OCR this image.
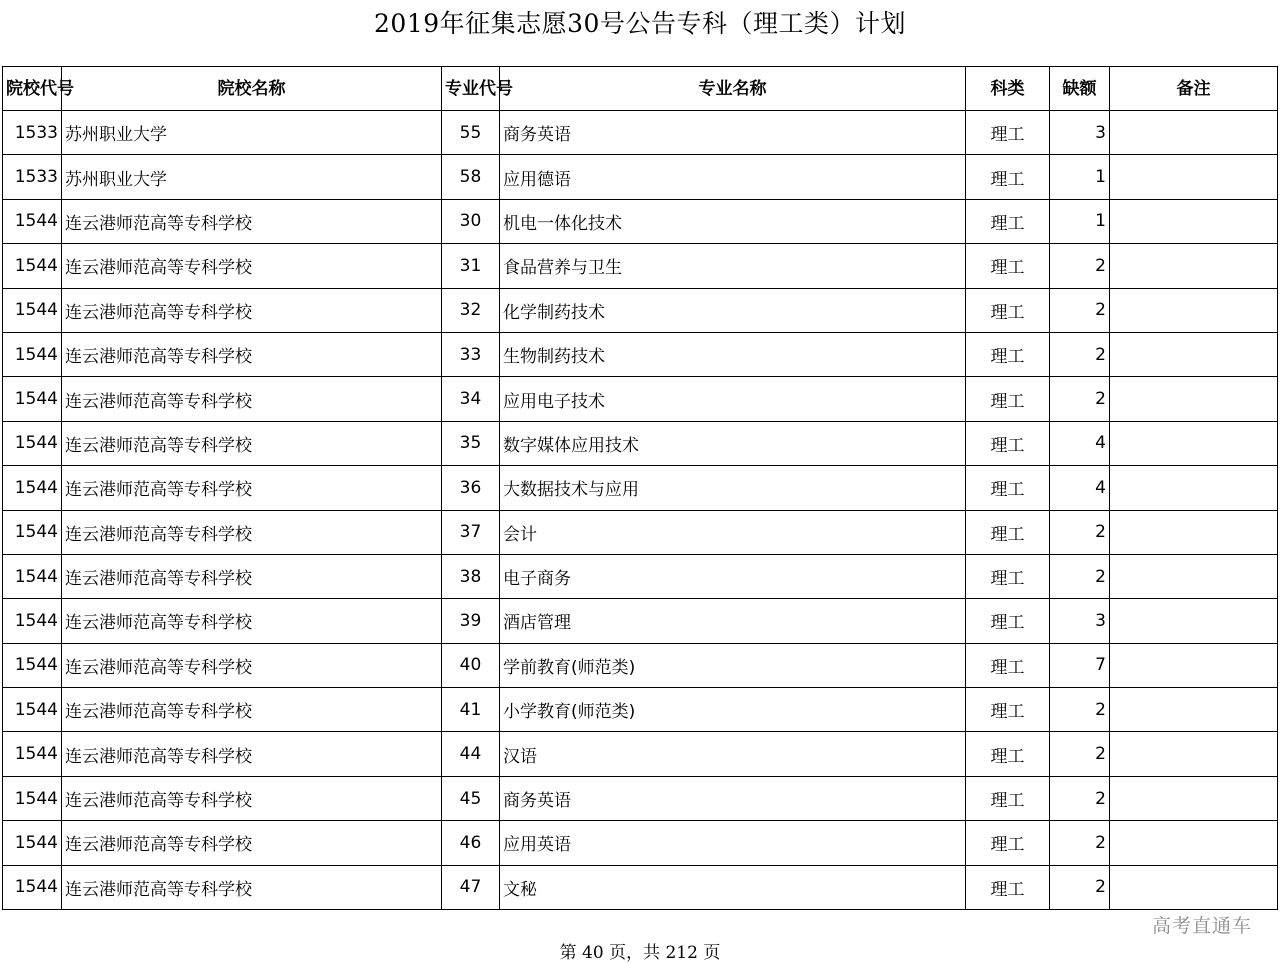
2019年征集志愿30号公告专科（理工类）计划
院校代号	院校名称	专业代号	专业名称	科类	缺额	备注
1533	苏州职业大学	55	商务英语	理工	3	
1533	苏州职业大学	58	应用德语	理工	1	
1544	连云港师范高等专科学校	30	机电一体化技术	理工	1	
1544	连云港师范高等专科学校	31	食品营养与卫生	理工	2	
1544	连云港师范高等专科学校	32	化学制药技术	理工	2	
1544	连云港师范高等专科学校	33	生物制药技术	理工	2	
1544	连云港师范高等专科学校	34	应用电子技术	理工	2	
1544	连云港师范高等专科学校	35	数字媒体应用技术	理工	4	
1544	连云港师范高等专科学校	36	大数据技术与应用	理工	4	
1544	连云港师范高等专科学校	37	会计	理工	2	
1544	连云港师范高等专科学校	38	电子商务	理工	2	
1544	连云港师范高等专科学校	39	酒店管理	理工	3	
1544	连云港师范高等专科学校	40	学前教育(师范类)	理工	7	
1544	连云港师范高等专科学校	41	小学教育(师范类)	理工	2	
1544	连云港师范高等专科学校	44	汉语	理工	2	
1544	连云港师范高等专科学校	45	商务英语	理工	2	
1544	连云港师范高等专科学校	46	应用英语	理工	2	
1544	连云港师范高等专科学校	47	文秘	理工	2	
高考直通车
第 40 页，共 212 页
